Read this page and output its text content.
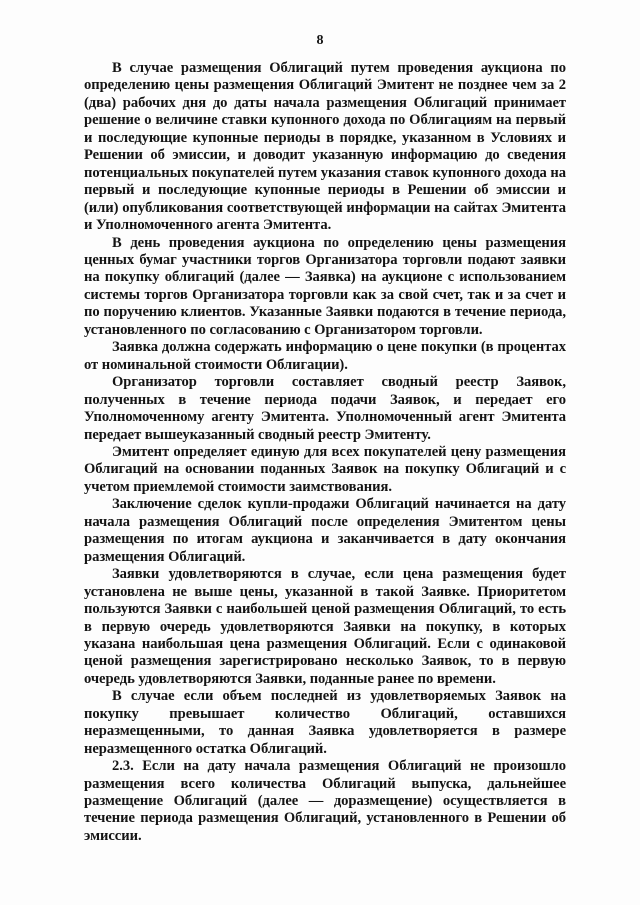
8

В случае размещения Облигаций путем проведения аукциона по определению цены размещения Облигаций Эмитент не позднее чем за 2 (два) рабочих дня до даты начала размещения Облигаций принимает решение о величине ставки купонного дохода по Облигациям на первый и последующие купонные периоды в порядке, указанном в Условиях и Решении об эмиссии, и доводит указанную информацию до сведения потенциальных покупателей путем указания ставок купонного дохода на первый и последующие купонные периоды в Решении об эмиссии и (или) опубликования соответствующей информации на сайтах Эмитента и Уполномоченного агента Эмитента.

В день проведения аукциона по определению цены размещения ценных бумаг участники торгов Организатора торговли подают заявки на покупку облигаций (далее — Заявка) на аукционе с использованием системы торгов Организатора торговли как за свой счет, так и за счет и по поручению клиентов. Указанные Заявки подаются в течение периода, установленного по согласованию с Организатором торговли.

Заявка должна содержать информацию о цене покупки (в процентах от номинальной стоимости Облигации).

Организатор торговли составляет сводный реестр Заявок, полученных в течение периода подачи Заявок, и передает его Уполномоченному агенту Эмитента. Уполномоченный агент Эмитента передает вышеуказанный сводный реестр Эмитенту.

Эмитент определяет единую для всех покупателей цену размещения Облигаций на основании поданных Заявок на покупку Облигаций и с учетом приемлемой стоимости заимствования.

Заключение сделок купли-продажи Облигаций начинается на дату начала размещения Облигаций после определения Эмитентом цены размещения по итогам аукциона и заканчивается в дату окончания размещения Облигаций.

Заявки удовлетворяются в случае, если цена размещения будет установлена не выше цены, указанной в такой Заявке. Приоритетом пользуются Заявки с наибольшей ценой размещения Облигаций, то есть в первую очередь удовлетворяются Заявки на покупку, в которых указана наибольшая цена размещения Облигаций. Если с одинаковой ценой размещения зарегистрировано несколько Заявок, то в первую очередь удовлетворяются Заявки, поданные ранее по времени.

В случае если объем последней из удовлетворяемых Заявок на покупку превышает количество Облигаций, оставшихся неразмещенными, то данная Заявка удовлетворяется в размере неразмещенного остатка Облигаций.

2.3. Если на дату начала размещения Облигаций не произошло размещения всего количества Облигаций выпуска, дальнейшее размещение Облигаций (далее — доразмещение) осуществляется в течение периода размещения Облигаций, установленного в Решении об эмиссии.
